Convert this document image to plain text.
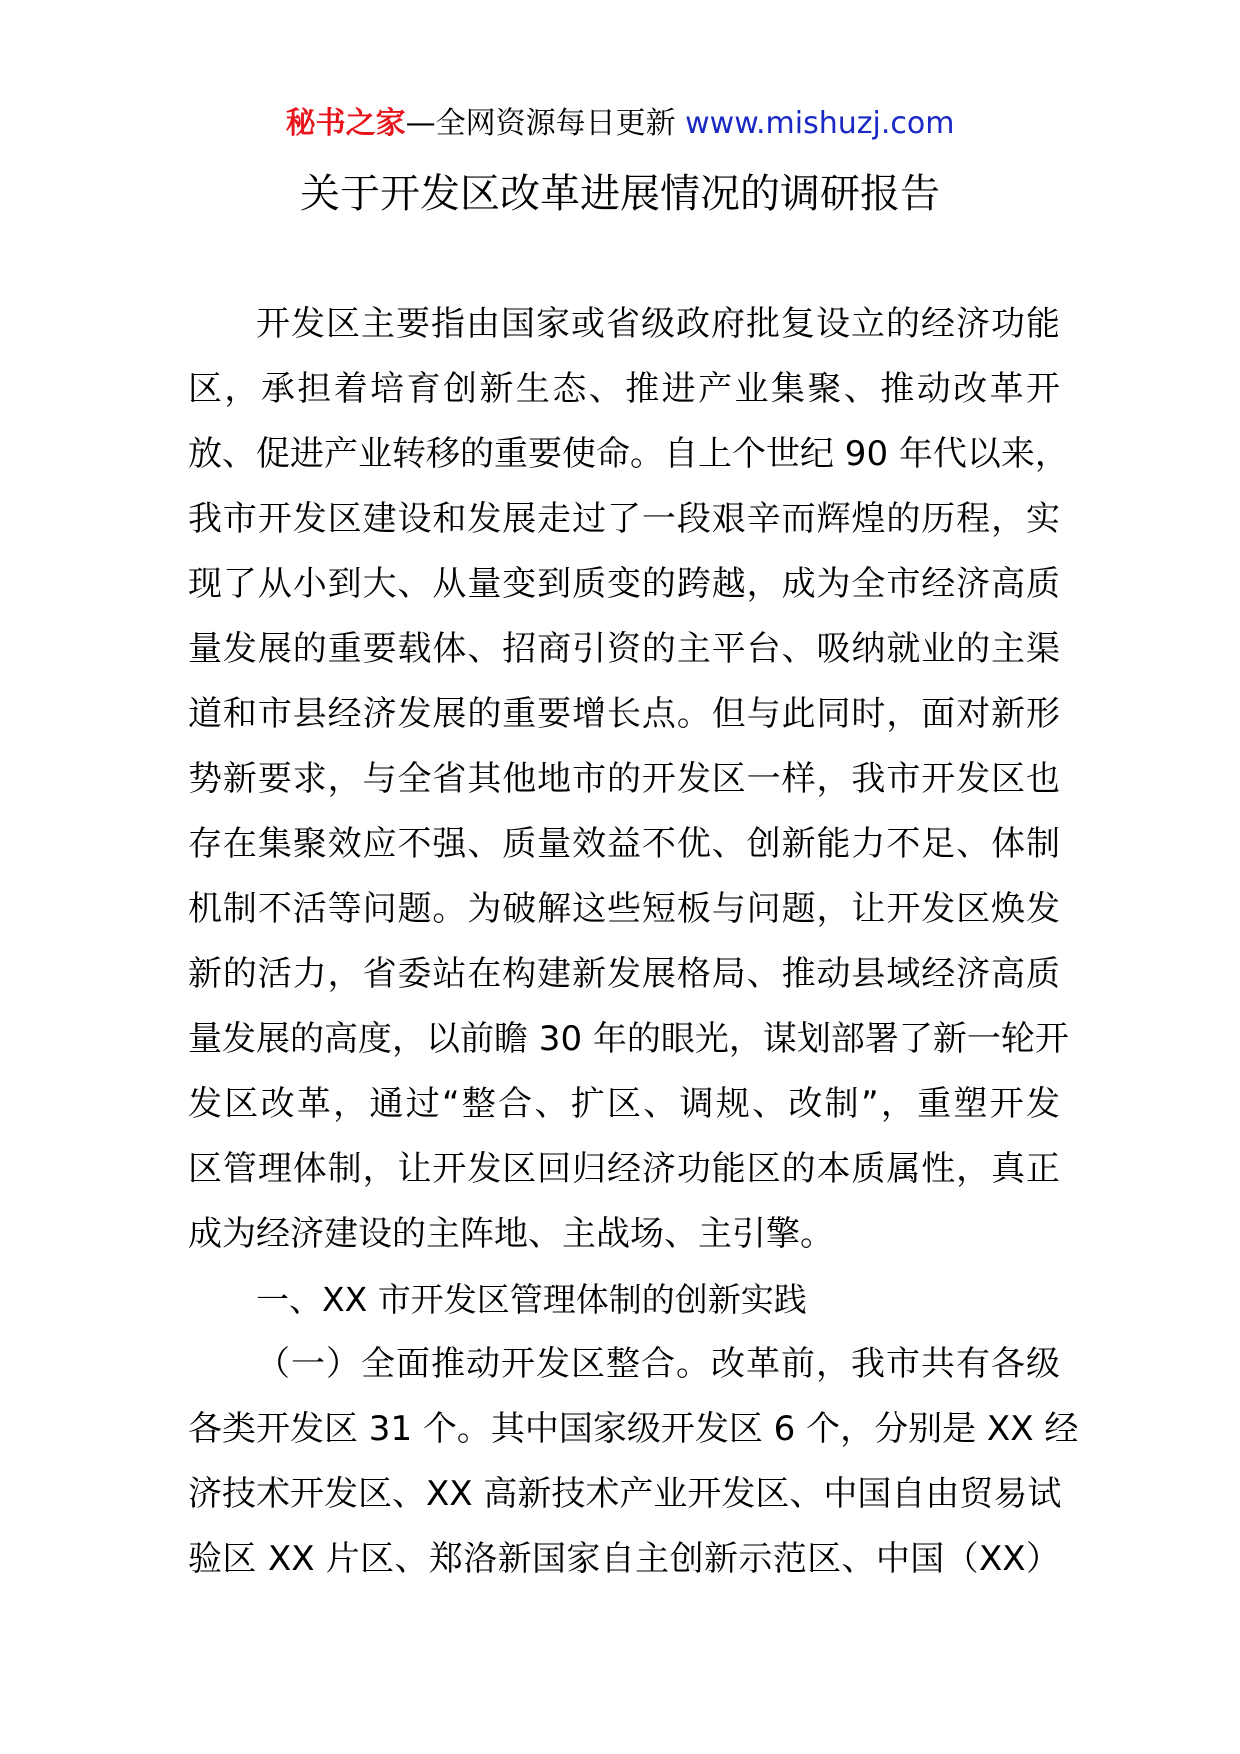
秘书之家—全网资源每日更新 www.mishuzj.com
关于开发区改革进展情况的调研报告
开发区主要指由国家或省级政府批复设立的经济功能
区，承担着培育创新生态、推进产业集聚、推动改革开
放、促进产业转移的重要使命。自上个世纪 90 年代以来，
我市开发区建设和发展走过了一段艰辛而辉煌的历程，实
现了从小到大、从量变到质变的跨越，成为全市经济高质
量发展的重要载体、招商引资的主平台、吸纳就业的主渠
道和市县经济发展的重要增长点。但与此同时，面对新形
势新要求，与全省其他地市的开发区一样，我市开发区也
存在集聚效应不强、质量效益不优、创新能力不足、体制
机制不活等问题。为破解这些短板与问题，让开发区焕发
新的活力，省委站在构建新发展格局、推动县域经济高质
量发展的高度，以前瞻 30 年的眼光，谋划部署了新一轮开
发区改革，通过“整合、扩区、调规、改制”，重塑开发
区管理体制，让开发区回归经济功能区的本质属性，真正
成为经济建设的主阵地、主战场、主引擎。
一、XX 市开发区管理体制的创新实践
（一）全面推动开发区整合。改革前，我市共有各级
各类开发区 31 个。其中国家级开发区 6 个，分别是 XX 经
济技术开发区、XX 高新技术产业开发区、中国自由贸易试
验区 XX 片区、郑洛新国家自主创新示范区、中国（XX）
